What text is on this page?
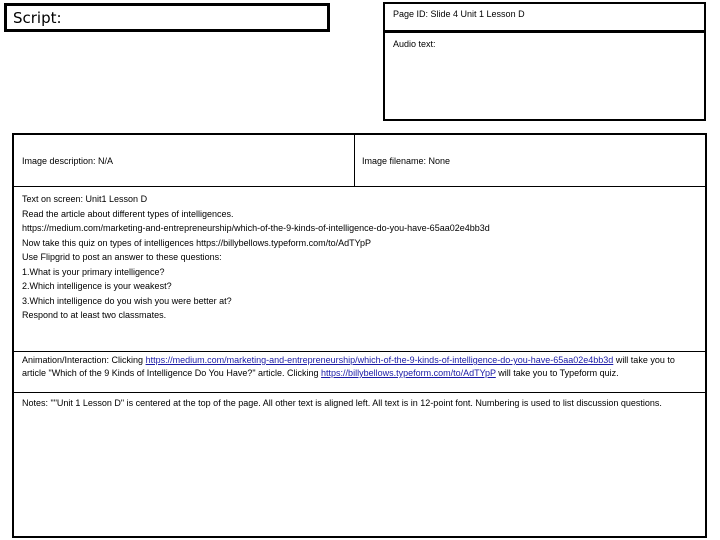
Script:	Page ID: Slide 4 Unit 1 Lesson D
Audio text:
Image description: N/A	Image filename: None
Text on screen: Unit1 Lesson D
Read the article about different types of intelligences.
https://medium.com/marketing-and-entrepreneurship/which-of-the-9-kinds-of-intelligence-do-you-have-65aa02e4bb3d
Now take this quiz on types of intelligences https://billybellows.typeform.com/to/AdTYpP
Use Flipgrid to post an answer to these questions:
1.What is your primary intelligence?
2.Which intelligence is your weakest?
3.Which intelligence do you wish you were better at?
Respond to at least two classmates.
Animation/Interaction: Clicking https://medium.com/marketing-and-entrepreneurship/which-of-the-9-kinds-of-intelligence-do-you-have-65aa02e4bb3d will take you to article "Which of the 9 Kinds of Intelligence Do You Have?" article. Clicking https://billybellows.typeform.com/to/AdTYpP will take you to Typeform quiz.
Notes: ""Unit 1 Lesson D" is centered at the top of the page. All other text is aligned left. All text is in 12-point font. Numbering is used to list discussion questions.
